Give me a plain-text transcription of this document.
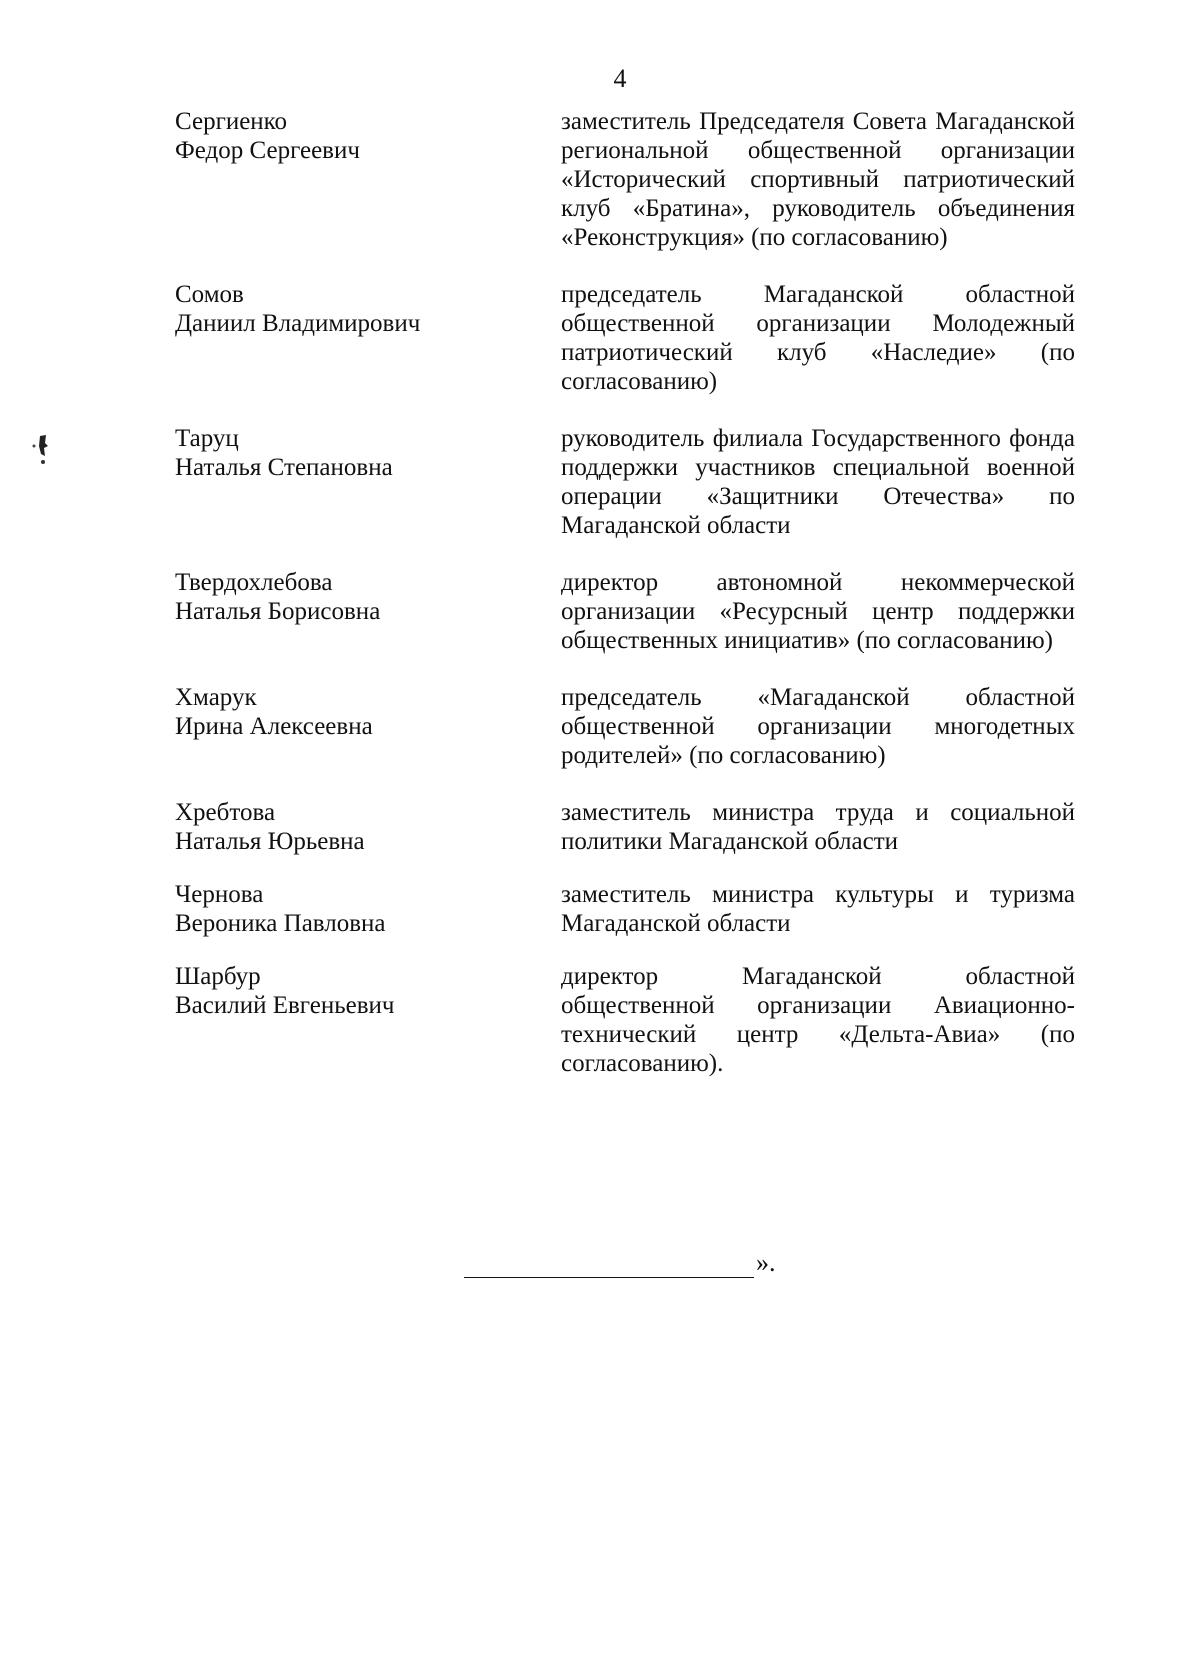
4
Сергиенко
Федор Сергеевич
заместитель Председателя Совета Магаданской региональной общественной организации «Исторический спортивный патриотический клуб «Братина», руководитель объединения «Реконструкция» (по согласованию)
Сомов
Даниил Владимирович
председатель Магаданской областной общественной организации Молодежный патриотический клуб «Наследие» (по согласованию)
Таруц
Наталья Степановна
руководитель филиала Государственного фонда поддержки участников специальной военной операции «Защитники Отечества» по Магаданской области
Твердохлебова
Наталья Борисовна
директор автономной некоммерческой организации «Ресурсный центр поддержки общественных инициатив» (по согласованию)
Хмарук
Ирина Алексеевна
председатель «Магаданской областной общественной организации многодетных родителей» (по согласованию)
Хребтова
Наталья Юрьевна
заместитель министра труда и социальной политики Магаданской области
Чернова
Вероника Павловна
заместитель министра культуры и туризма Магаданской области
Шарбур
Василий Евгеньевич
директор Магаданской областной общественной организации Авиационно-технический центр «Дельта-Авиа» (по согласованию).
».
